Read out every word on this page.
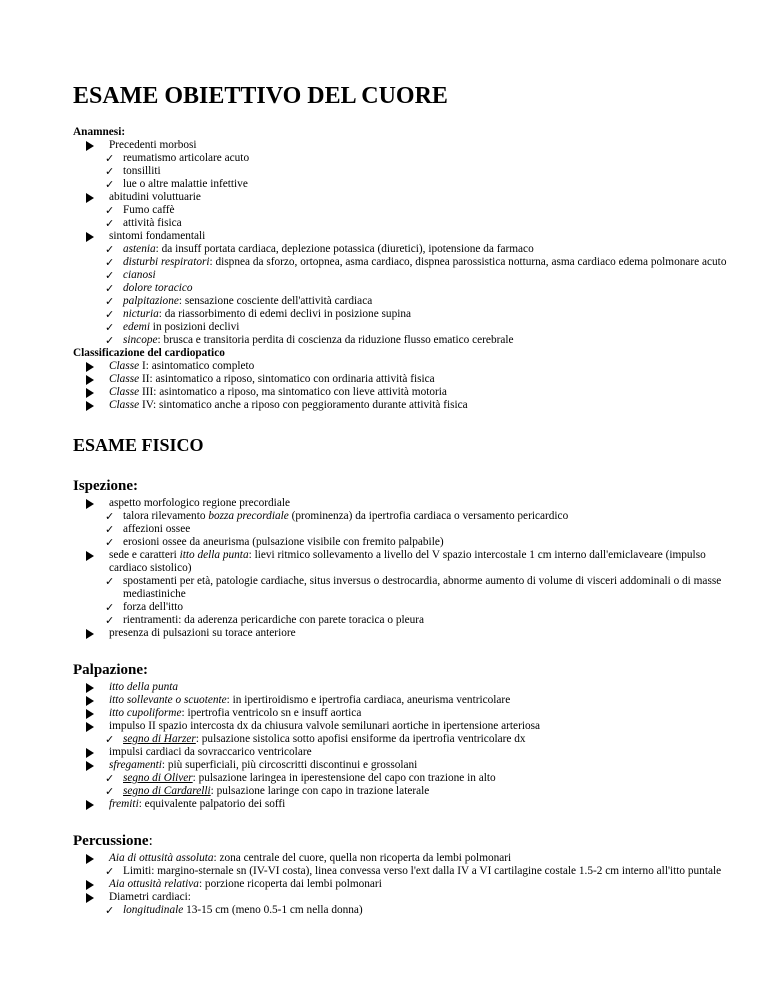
ESAME OBIETTIVO DEL CUORE
Anamnesi:
Precedenti morbosi
✓ reumatismo articolare acuto
✓ tonsilliti
✓ lue o altre malattie infettive
abitudini voluttuarie
✓ Fumo caffè
✓ attività fisica
sintomi fondamentali
✓ astenia: da insuff portata cardiaca, deplezione potassica (diuretici), ipotensione da farmaco
✓ disturbi respiratori: dispnea da sforzo, ortopnea, asma cardiaco, dispnea parossistica notturna, asma cardiaco edema polmonare acuto
✓ cianosi
✓ dolore toracico
✓ palpitazione: sensazione cosciente dell'attività cardiaca
✓ nicturia: da riassorbimento di edemi declivi in posizione supina
✓ edemi in posizioni declivi
✓ sincope: brusca e transitoria perdita di coscienza da riduzione flusso ematico cerebrale
Classificazione del cardiopatico
Classe I: asintomatico completo
Classe II: asintomatico a riposo, sintomatico con ordinaria attività fisica
Classe III: asintomatico a riposo, ma sintomatico con lieve attività motoria
Classe IV: sintomatico anche a riposo con peggioramento durante attività fisica
ESAME FISICO
Ispezione:
aspetto morfologico regione precordiale
✓ talora rilevamento bozza precordiale (prominenza) da ipertrofia cardiaca o versamento pericardico
✓ affezioni ossee
✓ erosioni ossee da aneurisma (pulsazione visibile con fremito palpabile)
sede e caratteri itto della punta: lievi ritmico sollevamento a livello del V spazio intercostale 1 cm interno dall'emiclaveare (impulso cardiaco sistolico)
✓ spostamenti per età, patologie cardiache, situs inversus o destrocardia, abnorme aumento di volume di visceri addominali o di masse mediastiniche
✓ forza dell'itto
✓ rientramenti: da aderenza pericardiche con parete toracica o pleura
presenza di pulsazioni su torace anteriore
Palpazione:
itto della punta
itto sollevante o scuotente: in ipertiroidismo e ipertrofia cardiaca, aneurisma ventricolare
itto cupoliforme: ipertrofia ventricolo sn e insuff aortica
impulso II spazio intercosta dx da chiusura valvole semilunari aortiche in ipertensione arteriosa
✓ segno di Harzer: pulsazione sistolica sotto apofisi ensiforme da ipertrofia ventricolare dx
impulsi cardiaci da sovraccarico ventricolare
sfregamenti: più superficiali, più circoscritti discontinui e grossolani
✓ segno di Oliver: pulsazione laringea in iperestensione del capo con trazione in alto
✓ segno di Cardarelli: pulsazione laringe con capo in trazione laterale
fremiti: equivalente palpatorio dei soffi
Percussione:
Aia di ottusità assoluta: zona centrale del cuore, quella non ricoperta da lembi polmonari
✓ Limiti: margino-sternale sn (IV-VI costa), linea convessa verso l'ext dalla IV a VI cartilagine costale 1.5-2 cm interno all'itto puntale
Aia ottusità relativa: porzione ricoperta dai lembi polmonari
Diametri cardiaci:
✓ longitudinale 13-15 cm (meno 0.5-1 cm nella donna)
